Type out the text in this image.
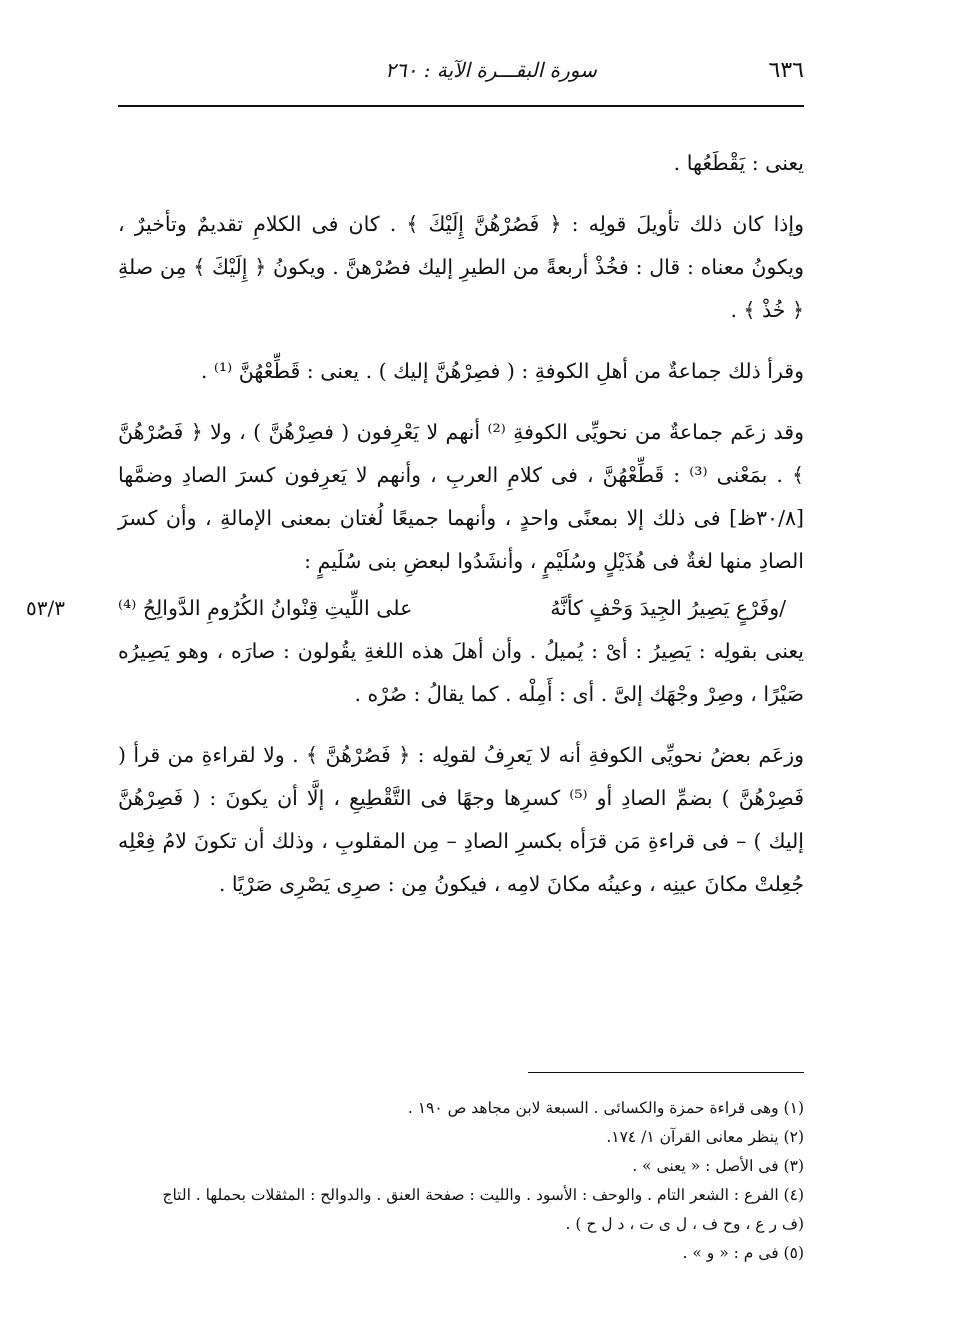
٦٣٦
سورة البقـــرة الآية : ٢٦٠

يعنى : يَقْطَعُها .

وإذا كان ذلك تأويلَ قولِه : ﴿ فَصُرْهُنَّ إِلَيْكَ ﴾ . كان فى الكلامِ تقديمٌ وتأخيرٌ ، ويكونُ معناه : قال : فخُذْ أربعةً من الطيرِ إليك فصُرْهنَّ . ويكونُ ﴿ إِلَيْكَ ﴾ مِن صلةِ ﴿ خُذْ ﴾ .

وقرأ ذلك جماعةٌ من أهلِ الكوفةِ : ( فصِرْهُنَّ إليك ) . يعنى : قَطِّعْهُنَّ ⁽¹⁾ .

وقد زعَم جماعةٌ من نحويِّى الكوفةِ ⁽²⁾ أنهم لا يَعْرِفون ( فصِرْهُنَّ ) ، ولا ﴿ فَصُرْهُنَّ ﴾ . بمَعْنى ⁽³⁾ : قَطِّعْهُنَّ ، فى كلامِ العربِ ، وأنهم لا يَعرِفون كسرَ الصادِ وضمَّها [٣٠/٨ظ] فى ذلك إلا بمعنًى واحدٍ ، وأنهما جميعًا لُغتان بمعنى الإمالةِ ، وأن كسرَ الصادِ منها لغةٌ فى هُذَيْلٍ وسُلَيْمٍ ، وأنشَدُوا لبعضِ بنى سُلَيمٍ :

/وفَرْعٍ يَصِيرُ الجِيدَ وَحْفٍ كأنَّهُ
على اللِّيتِ قِنْوانُ الكُرُومِ الدَّوالِحُ ⁽⁴⁾
٥٣/٣

يعنى بقولِه : يَصِيرُ : أىْ : يُميلُ . وأن أهلَ هذه اللغةِ يقُولون : صارَه ، وهو يَصِيرُه صَيْرًا ، وصِرْ وجْهَك إلىَّ . أى : أَمِلْه . كما يقالُ : صُرْه .

وزعَم بعضُ نحويِّى الكوفةِ أنه لا يَعرِفُ لقولِه : ﴿ فَصُرْهُنَّ ﴾ . ولا لقراءةِ من قرأ ( فَصِرْهُنَّ ) بضمِّ الصادِ أو ⁽⁵⁾ كسرِها وجهًا فى التَّقْطِيعِ ، إلَّا أن يكونَ : ( فَصِرْهُنَّ إليك ) – فى قراءةِ مَن قرَأه بكسرِ الصادِ – مِن المقلوبِ ، وذلك أن تكونَ لامُ فِعْلِه جُعِلتْ مكانَ عينِه ، وعينُه مكانَ لامِه ، فيكونُ مِن : صرِى يَصْرِى صَرْيًا .

(١) وهى قراءة حمزة والكسائى . السبعة لابن مجاهد ص ١٩٠ .

(٢) ينظر معانى القرآن ١/ ١٧٤.

(٣) فى الأصل : « يعنى » .

(٤) الفرع : الشعر التام . والوحف : الأسود . والليت : صفحة العنق . والدوالح : المثقلات بحملها . التاج

(ف ر ع ، وح ف ، ل ى ت ، د ل ح ) .

(٥) فى م : « و » .
